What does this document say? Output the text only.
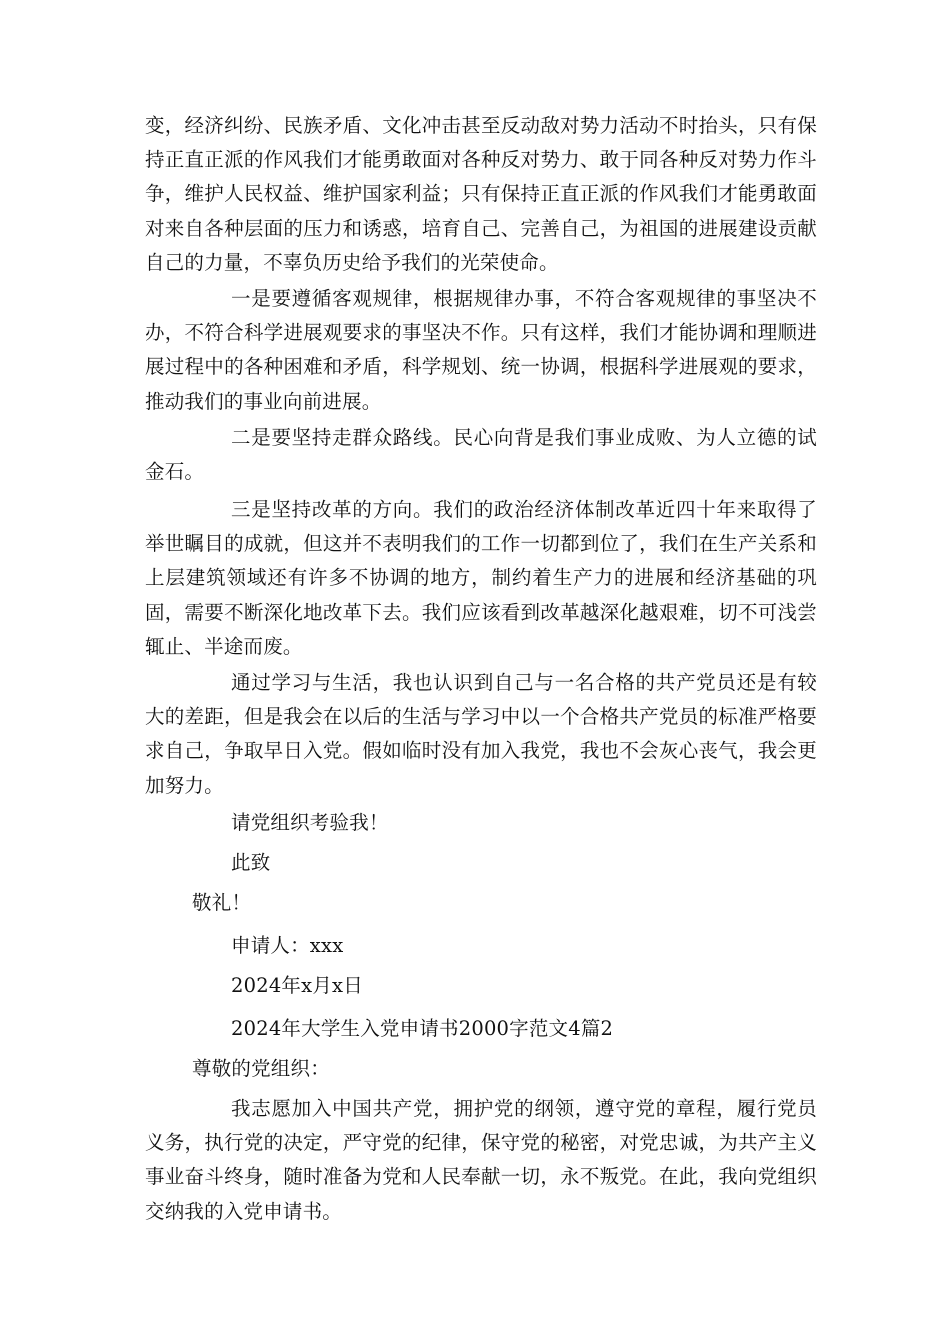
变，经济纠纷、民族矛盾、文化冲击甚至反动敌对势力活动不时抬头，只有保持正直正派的作风我们才能勇敢面对各种反对势力、敢于同各种反对势力作斗争，维护人民权益、维护国家利益；只有保持正直正派的作风我们才能勇敢面对来自各种层面的压力和诱惑，培育自己、完善自己，为祖国的进展建设贡献自己的力量，不辜负历史给予我们的光荣使命。

一是要遵循客观规律，根据规律办事，不符合客观规律的事坚决不办，不符合科学进展观要求的事坚决不作。只有这样，我们才能协调和理顺进展过程中的各种困难和矛盾，科学规划、统一协调，根据科学进展观的要求，推动我们的事业向前进展。

二是要坚持走群众路线。民心向背是我们事业成败、为人立德的试金石。

三是坚持改革的方向。我们的政治经济体制改革近四十年来取得了举世瞩目的成就，但这并不表明我们的工作一切都到位了，我们在生产关系和上层建筑领域还有许多不协调的地方，制约着生产力的进展和经济基础的巩固，需要不断深化地改革下去。我们应该看到改革越深化越艰难，切不可浅尝辄止、半途而废。

通过学习与生活，我也认识到自己与一名合格的共产党员还是有较大的差距，但是我会在以后的生活与学习中以一个合格共产党员的标准严格要求自己，争取早日入党。假如临时没有加入我党，我也不会灰心丧气，我会更加努力。

请党组织考验我！

此致

敬礼！

申请人：xxx

2024年x月x日

2024年大学生入党申请书2000字范文4篇2

尊敬的党组织：

我志愿加入中国共产党，拥护党的纲领，遵守党的章程，履行党员义务，执行党的决定，严守党的纪律，保守党的秘密，对党忠诚，为共产主义事业奋斗终身，随时准备为党和人民奉献一切，永不叛党。在此，我向党组织交纳我的入党申请书。
